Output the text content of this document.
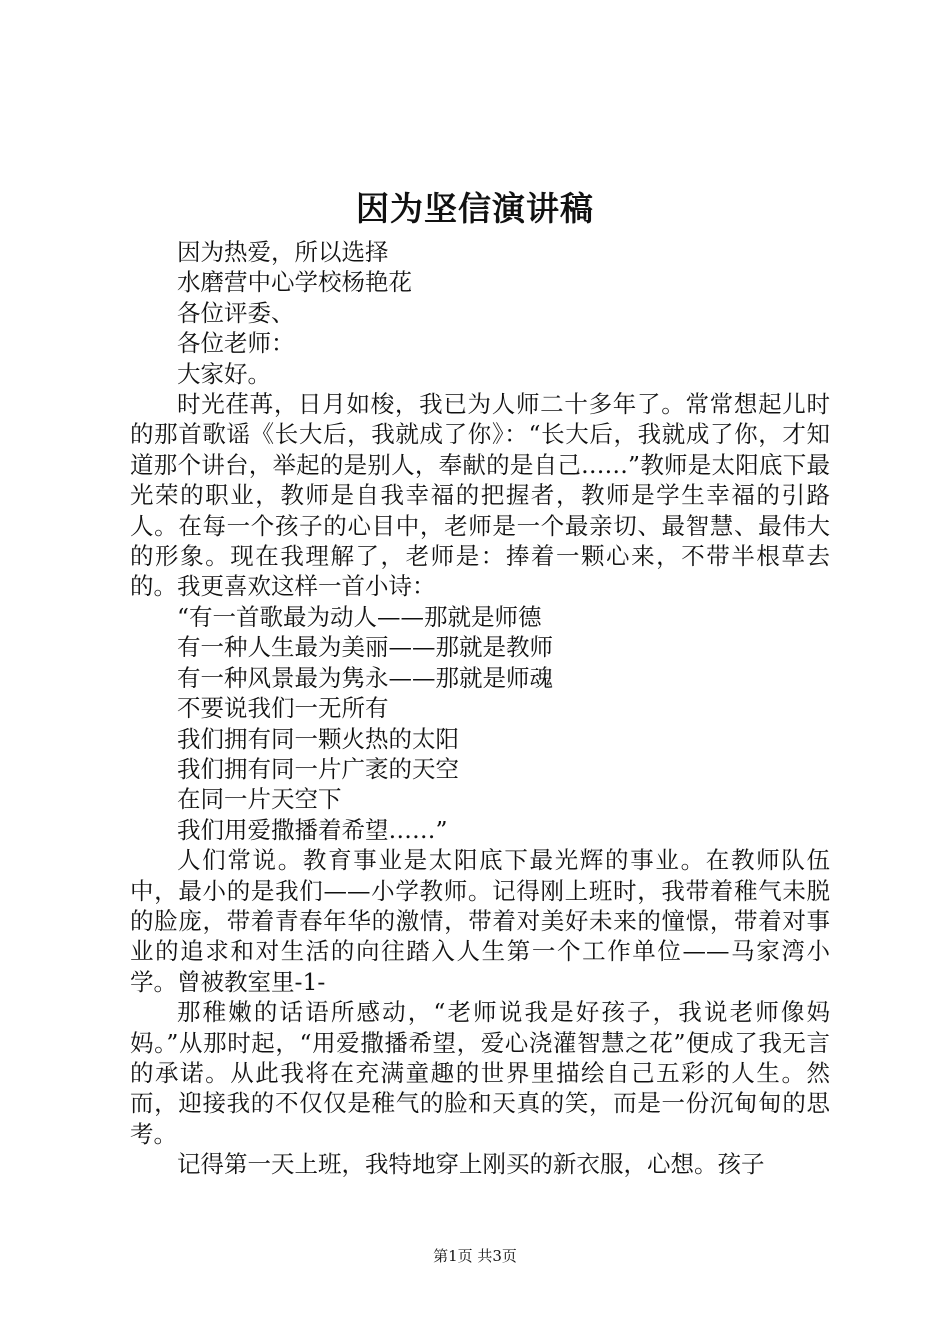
因为坚信演讲稿

因为热爱，所以选择

水磨营中心学校杨艳花

各位评委、

各位老师：

大家好。

时光荏苒，日月如梭，我已为人师二十多年了。常常想起儿时的那首歌谣《长大后，我就成了你》：“长大后，我就成了你，才知道那个讲台，举起的是别人，奉献的是自己……”教师是太阳底下最光荣的职业，教师是自我幸福的把握者，教师是学生幸福的引路人。在每一个孩子的心目中，老师是一个最亲切、最智慧、最伟大的形象。现在我理解了，老师是：捧着一颗心来，不带半根草去的。我更喜欢这样一首小诗：

“有一首歌最为动人——那就是师德

有一种人生最为美丽——那就是教师

有一种风景最为隽永——那就是师魂

不要说我们一无所有

我们拥有同一颗火热的太阳

我们拥有同一片广袤的天空

在同一片天空下

我们用爱撒播着希望……”

人们常说。教育事业是太阳底下最光辉的事业。在教师队伍中，最小的是我们——小学教师。记得刚上班时，我带着稚气未脱的脸庞，带着青春年华的激情，带着对美好未来的憧憬，带着对事业的追求和对生活的向往踏入人生第一个工作单位——马家湾小学。曾被教室里-1-

那稚嫩的话语所感动，“老师说我是好孩子，我说老师像妈妈。”从那时起，“用爱撒播希望，爱心浇灌智慧之花”便成了我无言的承诺。从此我将在充满童趣的世界里描绘自己五彩的人生。然而，迎接我的不仅仅是稚气的脸和天真的笑，而是一份沉甸甸的思考。

记得第一天上班，我特地穿上刚买的新衣服，心想。孩子

第1页 共3页
